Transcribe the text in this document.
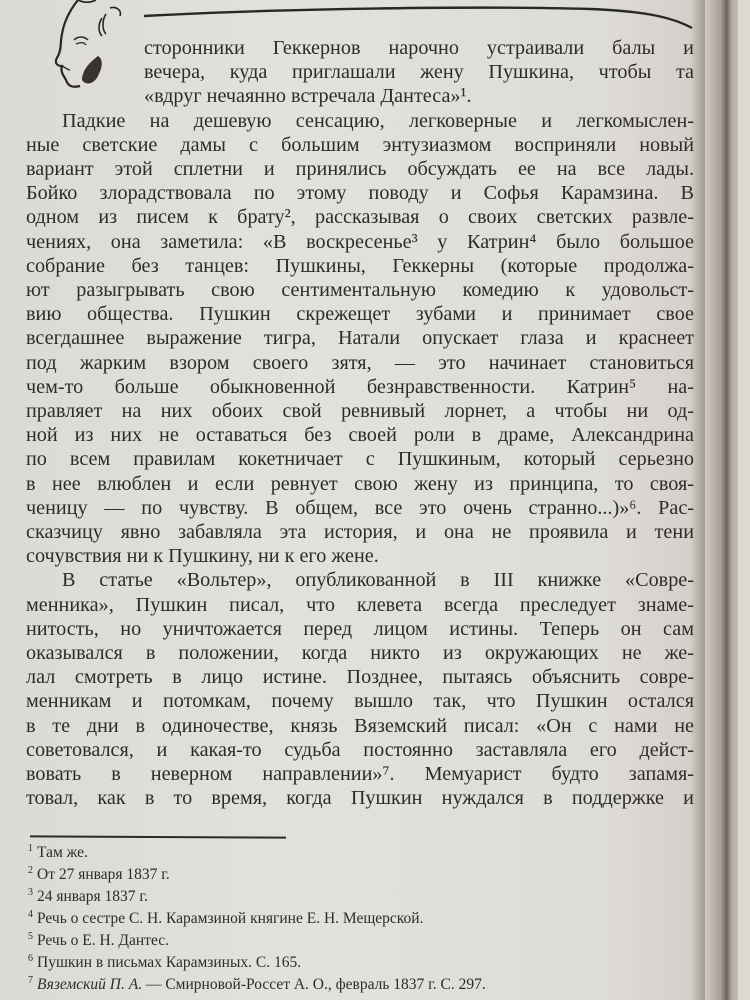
сторонники Геккернов нарочно устраивали балы и
вечера, куда приглашали жену Пушкина, чтобы та
«вдруг нечаянно встречала Дантеса»¹.
Падкие на дешевую сенсацию, легковерные и легкомыслен-
ные светские дамы с большим энтузиазмом восприняли новый
вариант этой сплетни и принялись обсуждать ее на все лады.
Бойко злорадствовала по этому поводу и Софья Карамзина. В
одном из писем к брату², рассказывая о своих светских развле-
чениях, она заметила: «В воскресенье³ у Катрин⁴ было большое
собрание без танцев: Пушкины, Геккерны (которые продолжа-
ют разыгрывать свою сентиментальную комедию к удовольст-
вию общества. Пушкин скрежещет зубами и принимает свое
всегдашнее выражение тигра, Натали опускает глаза и краснеет
под жарким взором своего зятя, — это начинает становиться
чем-то больше обыкновенной безнравственности. Катрин⁵ на-
правляет на них обоих свой ревнивый лорнет, а чтобы ни од-
ной из них не оставаться без своей роли в драме, Александрина
по всем правилам кокетничает с Пушкиным, который серьезно
в нее влюблен и если ревнует свою жену из принципа, то своя-
ченицу — по чувству. В общем, все это очень странно...)»⁶. Рас-
сказчицу явно забавляла эта история, и она не проявила и тени
сочувствия ни к Пушкину, ни к его жене.
В статье «Вольтер», опубликованной в III книжке «Совре-
менника», Пушкин писал, что клевета всегда преследует знаме-
нитость, но уничтожается перед лицом истины. Теперь он сам
оказывался в положении, когда никто из окружающих не же-
лал смотреть в лицо истине. Позднее, пытаясь объяснить совре-
менникам и потомкам, почему вышло так, что Пушкин остался
в те дни в одиночестве, князь Вяземский писал: «Он с нами не
советовался, и какая-то судьба постоянно заставляла его дейст-
вовать в неверном направлении»⁷. Мемуарист будто запамя-
товал, как в то время, когда Пушкин нуждался в поддержке и
$^1$ Там же.
$^2$ От 27 января 1837 г.
$^3$ 24 января 1837 г.
$^4$ Речь о сестре С. Н. Карамзиной княгине Е. Н. Мещерской.
$^5$ Речь о Е. Н. Дантес.
$^6$ Пушкин в письмах Карамзиных. С. 165.
$^7$ Вяземский П. А. — Смирновой-Россет А. О., февраль 1837 г. С. 297.
